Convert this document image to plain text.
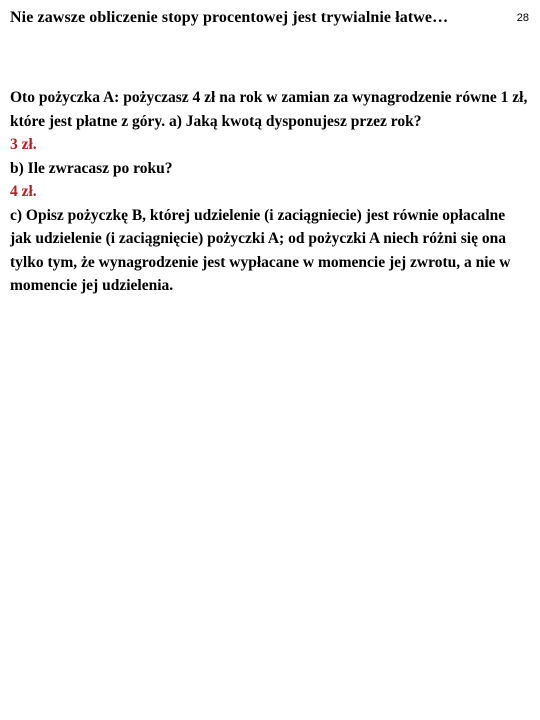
Nie zawsze obliczenie stopy procentowej jest trywialnie łatwe…	28

Oto pożyczka A: pożyczasz 4 zł na rok w zamian za wynagrodzenie równe 1 zł, które jest płatne z góry. a) Jaką kwotą dysponujesz przez rok?

3 zł.

b) Ile zwracasz po roku?

4 zł.

c) Opisz pożyczkę B, której udzielenie (i zaciągniecie) jest równie opłacalne jak udzielenie (i zaciągnięcie) pożyczki A; od pożyczki A niech różni się ona tylko tym, że wynagrodzenie jest wypłacane w momencie jej zwrotu, a nie w momencie jej udzielenia.
